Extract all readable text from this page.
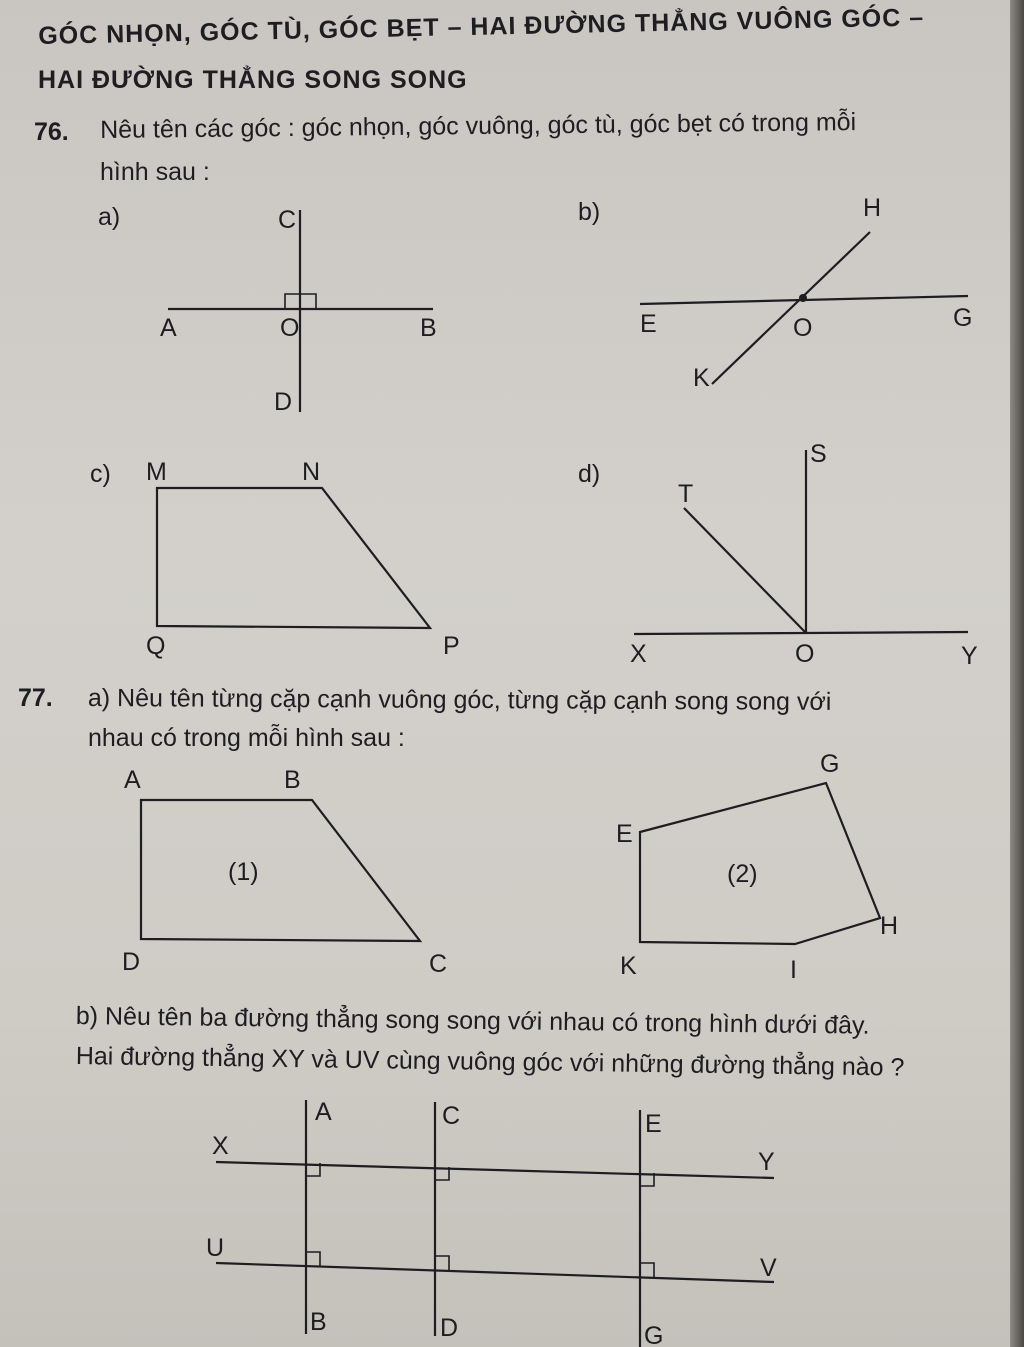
GÓC NHỌN, GÓC TÙ, GÓC BẸT – HAI ĐƯỜNG THẲNG VUÔNG GÓC –
HAI ĐƯỜNG THẲNG SONG SONG
76. Nêu tên các góc : góc nhọn, góc vuông, góc tù, góc bẹt có trong mỗi
hình sau :
77. a) Nêu tên từng cặp cạnh vuông góc, từng cặp cạnh song song với
nhau có trong mỗi hình sau :
b) Nêu tên ba đường thẳng song song với nhau có trong hình dưới đây.
Hai đường thẳng XY và UV cùng vuông góc với những đường thẳng nào ?
a)	C
A	O	B
D
b)	H
E	O	G
K
c) M	N
Q	P
d)
S
T
X	O	Y
(1)
A	B
D	C
(2)
G
E
H
K	I
A	C	E
X
Y
U
V
B	D	G
